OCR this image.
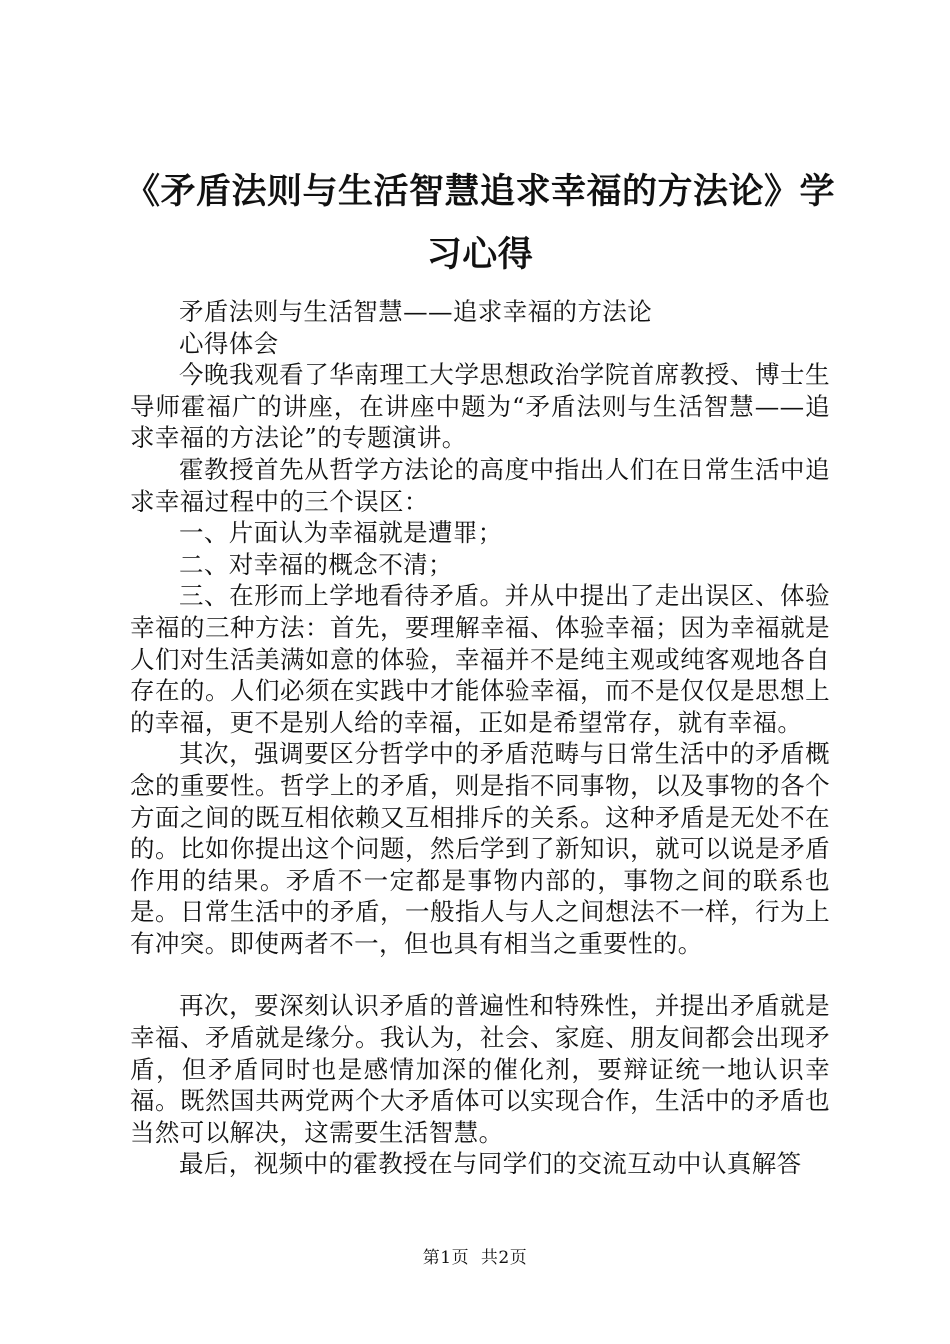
《矛盾法则与生活智慧追求幸福的方法论》学习心得

矛盾法则与生活智慧——追求幸福的方法论

心得体会

今晚我观看了华南理工大学思想政治学院首席教授、博士生导师霍福广的讲座，在讲座中题为“矛盾法则与生活智慧——追求幸福的方法论”的专题演讲。

霍教授首先从哲学方法论的高度中指出人们在日常生活中追求幸福过程中的三个误区：

一、片面认为幸福就是遭罪；

二、对幸福的概念不清；

三、在形而上学地看待矛盾。并从中提出了走出误区、体验幸福的三种方法：首先，要理解幸福、体验幸福；因为幸福就是人们对生活美满如意的体验，幸福并不是纯主观或纯客观地各自存在的。人们必须在实践中才能体验幸福，而不是仅仅是思想上的幸福，更不是别人给的幸福，正如是希望常存，就有幸福。

其次，强调要区分哲学中的矛盾范畴与日常生活中的矛盾概念的重要性。哲学上的矛盾，则是指不同事物，以及事物的各个方面之间的既互相依赖又互相排斥的关系。这种矛盾是无处不在的。比如你提出这个问题，然后学到了新知识，就可以说是矛盾作用的结果。矛盾不一定都是事物内部的，事物之间的联系也是。日常生活中的矛盾，一般指人与人之间想法不一样，行为上有冲突。即使两者不一，但也具有相当之重要性的。

再次，要深刻认识矛盾的普遍性和特殊性，并提出矛盾就是幸福、矛盾就是缘分。我认为，社会、家庭、朋友间都会出现矛盾，但矛盾同时也是感情加深的催化剂，要辩证统一地认识幸福。既然国共两党两个大矛盾体可以实现合作，生活中的矛盾也当然可以解决，这需要生活智慧。

最后，视频中的霍教授在与同学们的交流互动中认真解答

第1页  共2页
